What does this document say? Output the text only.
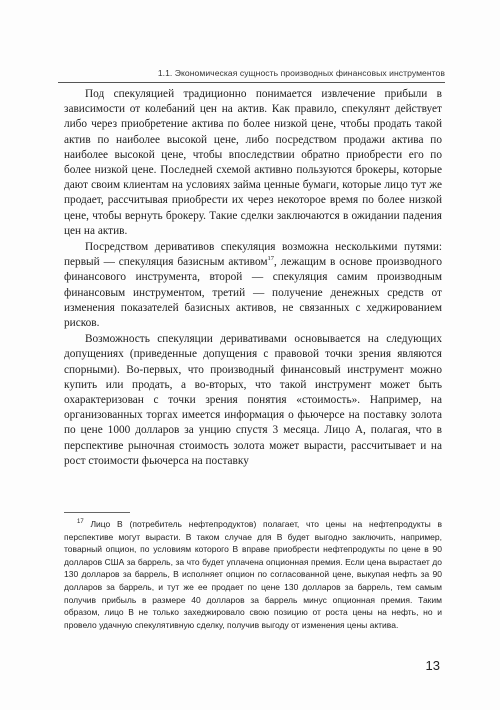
1.1. Экономическая сущность производных финансовых инструментов

Под спекуляцией традиционно понимается извлечение прибыли в зависимости от колебаний цен на актив. Как правило, спекулянт действует либо через приобретение актива по более низкой цене, чтобы продать такой актив по наиболее высокой цене, либо посредством продажи актива по наиболее высокой цене, чтобы впоследствии обратно приобрести его по более низкой цене. Последней схемой активно пользуются брокеры, которые дают своим клиентам на условиях займа ценные бумаги, которые лицо тут же продает, рассчитывая приобрести их через некоторое время по более низкой цене, чтобы вернуть брокеру. Такие сделки заключаются в ожидании падения цен на актив.

Посредством деривативов спекуляция возможна несколькими путями: первый — спекуляция базисным активом$^{17}$, лежащим в основе производного финансового инструмента, второй — спекуляция самим производным финансовым инструментом, третий — получение денежных средств от изменения показателей базисных активов, не связанных с хеджированием рисков.

Возможность спекуляции деривативами основывается на следующих допущениях (приведенные допущения с правовой точки зрения являются спорными). Во-первых, что производный финансовый инструмент можно купить или продать, а во-вторых, что такой инструмент может быть охарактеризован с точки зрения понятия «стоимость». Например, на организованных торгах имеется информация о фьючерсе на поставку золота по цене 1000 долларов за унцию спустя 3 месяца. Лицо А, полагая, что в перспективе рыночная стоимость золота может вырасти, рассчитывает и на рост стоимости фьючерса на поставку

$^{17}$ Лицо В (потребитель нефтепродуктов) полагает, что цены на нефтепродукты в перспективе могут вырасти. В таком случае для В будет выгодно заключить, например, товарный опцион, по условиям которого В вправе приобрести нефтепродукты по цене в 90 долларов США за баррель, за что будет уплачена опционная премия. Если цена вырастает до 130 долларов за баррель, В исполняет опцион по согласованной цене, выкупая нефть за 90 долларов за баррель, и тут же ее продает по цене 130 долларов за баррель, тем самым получив прибыль в размере 40 долларов за баррель минус опционная премия. Таким образом, лицо В не только захеджировало свою позицию от роста цены на нефть, но и провело удачную спекулятивную сделку, получив выгоду от изменения цены актива.

13
